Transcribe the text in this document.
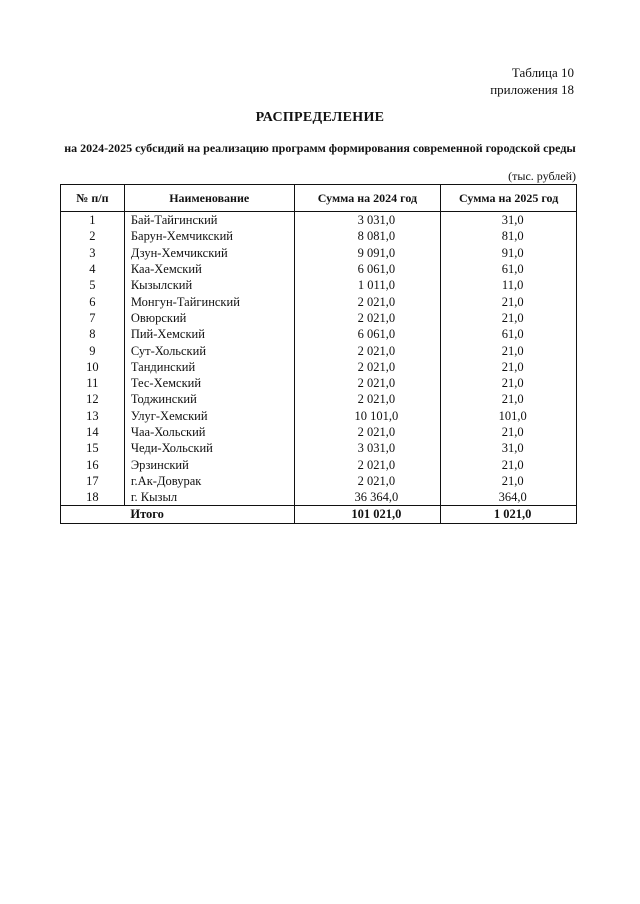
Таблица 10
приложения 18
РАСПРЕДЕЛЕНИЕ
на 2024-2025 субсидий на реализацию программ формирования современной городской среды
(тыс. рублей)
№ п/п	Наименование	Сумма на 2024 год	Сумма на 2025 год
1	Бай-Тайгинский	3 031,0	31,0
2	Барун-Хемчикский	8 081,0	81,0
3	Дзун-Хемчикский	9 091,0	91,0
4	Каа-Хемский	6 061,0	61,0
5	Кызылский	1 011,0	11,0
6	Монгун-Тайгинский	2 021,0	21,0
7	Овюрский	2 021,0	21,0
8	Пий-Хемский	6 061,0	61,0
9	Сут-Хольский	2 021,0	21,0
10	Тандинский	2 021,0	21,0
11	Тес-Хемский	2 021,0	21,0
12	Тоджинский	2 021,0	21,0
13	Улуг-Хемский	10 101,0	101,0
14	Чаа-Хольский	2 021,0	21,0
15	Чеди-Хольский	3 031,0	31,0
16	Эрзинский	2 021,0	21,0
17	г.Ак-Довурак	2 021,0	21,0
18	г. Кызыл	36 364,0	364,0
	Итого	101 021,0	1 021,0
